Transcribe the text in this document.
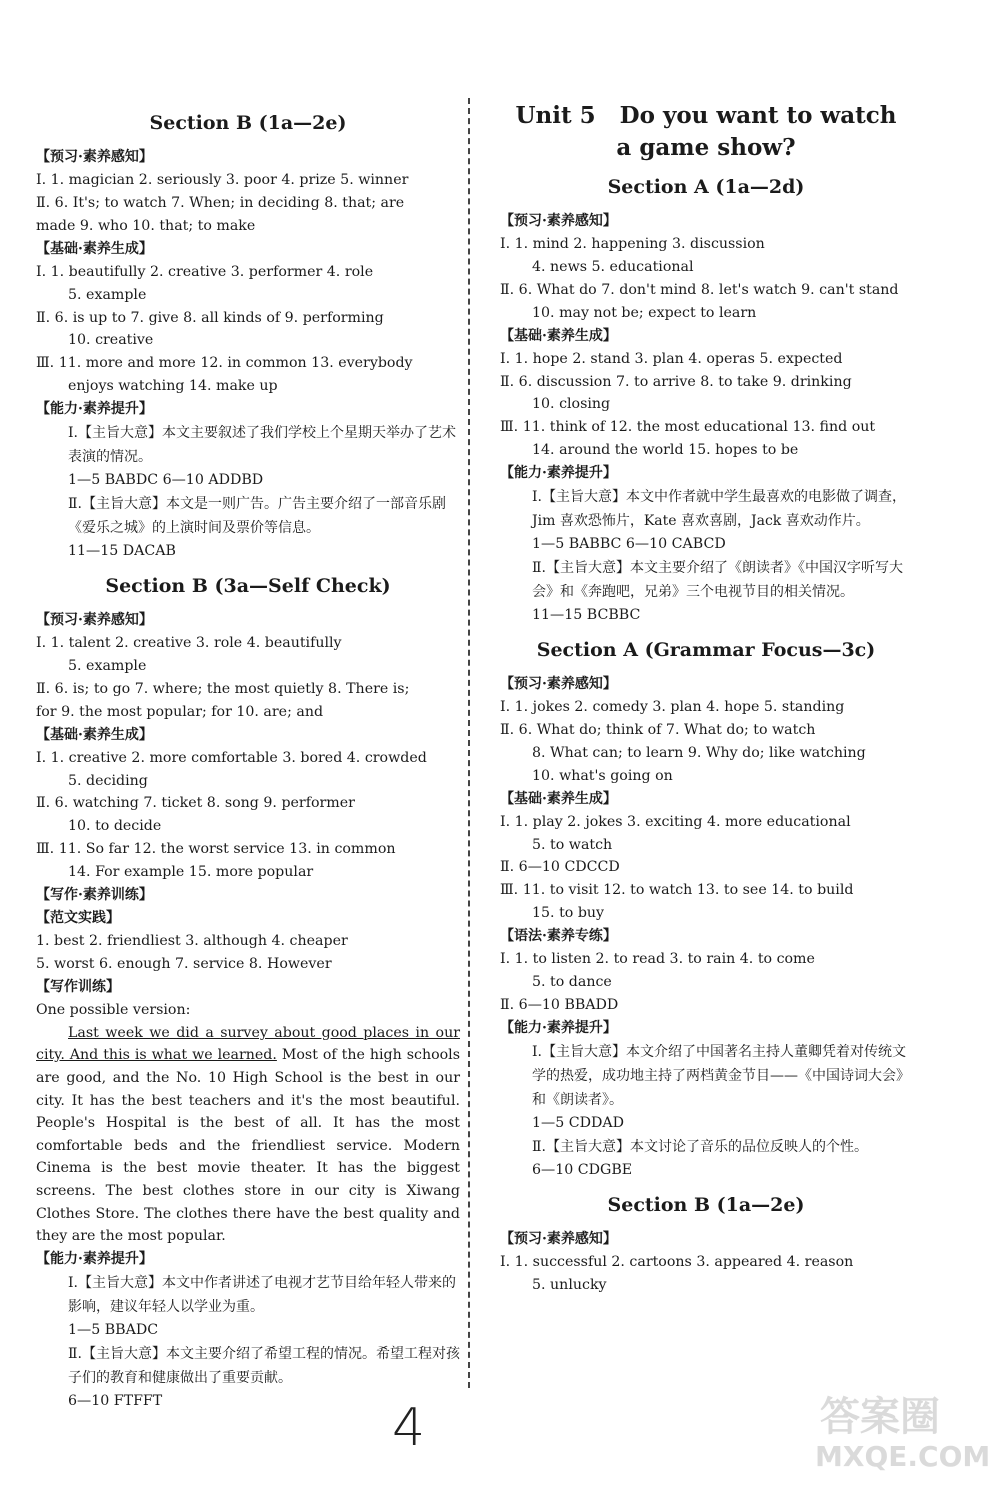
Section B (1a—2e)
【预习·素养感知】
Ⅰ. 1. magician 2. seriously 3. poor 4. prize 5. winner
Ⅱ. 6. It's; to watch 7. When; in deciding 8. that; are
made 9. who 10. that; to make
【基础·素养生成】
Ⅰ. 1. beautifully 2. creative 3. performer 4. role
5. example
Ⅱ. 6. is up to 7. give 8. all kinds of 9. performing
10. creative
Ⅲ. 11. more and more 12. in common 13. everybody
enjoys watching 14. make up
【能力·素养提升】
Ⅰ.【主旨大意】本文主要叙述了我们学校上个星期天举办了艺术表演的情况。
1—5 BABDC 6—10 ADDBD
Ⅱ.【主旨大意】本文是一则广告。广告主要介绍了一部音乐剧《爱乐之城》的上演时间及票价等信息。
11—15 DACAB
Section B (3a—Self Check)
【预习·素养感知】
Ⅰ. 1. talent 2. creative 3. role 4. beautifully
5. example
Ⅱ. 6. is; to go 7. where; the most quietly 8. There is;
for 9. the most popular; for 10. are; and
【基础·素养生成】
Ⅰ. 1. creative 2. more comfortable 3. bored 4. crowded
5. deciding
Ⅱ. 6. watching 7. ticket 8. song 9. performer
10. to decide
Ⅲ. 11. So far 12. the worst service 13. in common
14. For example 15. more popular
【写作·素养训练】
【范文实践】
1. best 2. friendliest 3. although 4. cheaper
5. worst 6. enough 7. service 8. However
【写作训练】
One possible version:
Last week we did a survey about good places in our city. And this is what we learned. Most of the high schools are good, and the No. 10 High School is the best in our city. It has the best teachers and it's the most beautiful. People's Hospital is the best of all. It has the most comfortable beds and the friendliest service. Modern Cinema is the best movie theater. It has the biggest screens. The best clothes store in our city is Xiwang Clothes Store. The clothes there have the best quality and they are the most popular.
【能力·素养提升】
Ⅰ.【主旨大意】本文中作者讲述了电视才艺节目给年轻人带来的影响，建议年轻人以学业为重。
1—5 BBADC
Ⅱ.【主旨大意】本文主要介绍了希望工程的情况。希望工程对孩子们的教育和健康做出了重要贡献。
6—10 FTFFT
Unit 5   Do you want to watch
a game show?
Section A (1a—2d)
【预习·素养感知】
Ⅰ. 1. mind 2. happening 3. discussion
4. news 5. educational
Ⅱ. 6. What do 7. don't mind 8. let's watch 9. can't stand
10. may not be; expect to learn
【基础·素养生成】
Ⅰ. 1. hope 2. stand 3. plan 4. operas 5. expected
Ⅱ. 6. discussion 7. to arrive 8. to take 9. drinking
10. closing
Ⅲ. 11. think of 12. the most educational 13. find out
14. around the world 15. hopes to be
【能力·素养提升】
Ⅰ.【主旨大意】本文中作者就中学生最喜欢的电影做了调查，Jim 喜欢恐怖片，Kate 喜欢喜剧，Jack 喜欢动作片。
1—5 BABBC 6—10 CABCD
Ⅱ.【主旨大意】本文主要介绍了《朗读者》《中国汉字听写大会》和《奔跑吧，兄弟》三个电视节目的相关情况。
11—15 BCBBC
Section A (Grammar Focus—3c)
【预习·素养感知】
Ⅰ. 1. jokes 2. comedy 3. plan 4. hope 5. standing
Ⅱ. 6. What do; think of 7. What do; to watch
8. What can; to learn 9. Why do; like watching
10. what's going on
【基础·素养生成】
Ⅰ. 1. play 2. jokes 3. exciting 4. more educational
5. to watch
Ⅱ. 6—10 CDCCD
Ⅲ. 11. to visit 12. to watch 13. to see 14. to build
15. to buy
【语法·素养专练】
Ⅰ. 1. to listen 2. to read 3. to rain 4. to come
5. to dance
Ⅱ. 6—10 BBADD
【能力·素养提升】
Ⅰ.【主旨大意】本文介绍了中国著名主持人董卿凭着对传统文学的热爱，成功地主持了两档黄金节目——《中国诗词大会》和《朗读者》。
1—5 CDDAD
Ⅱ.【主旨大意】本文讨论了音乐的品位反映人的个性。
6—10 CDGBE
Section B (1a—2e)
【预习·素养感知】
Ⅰ. 1. successful 2. cartoons 3. appeared 4. reason
5. unlucky
4	答案圈
MXQE.COM
